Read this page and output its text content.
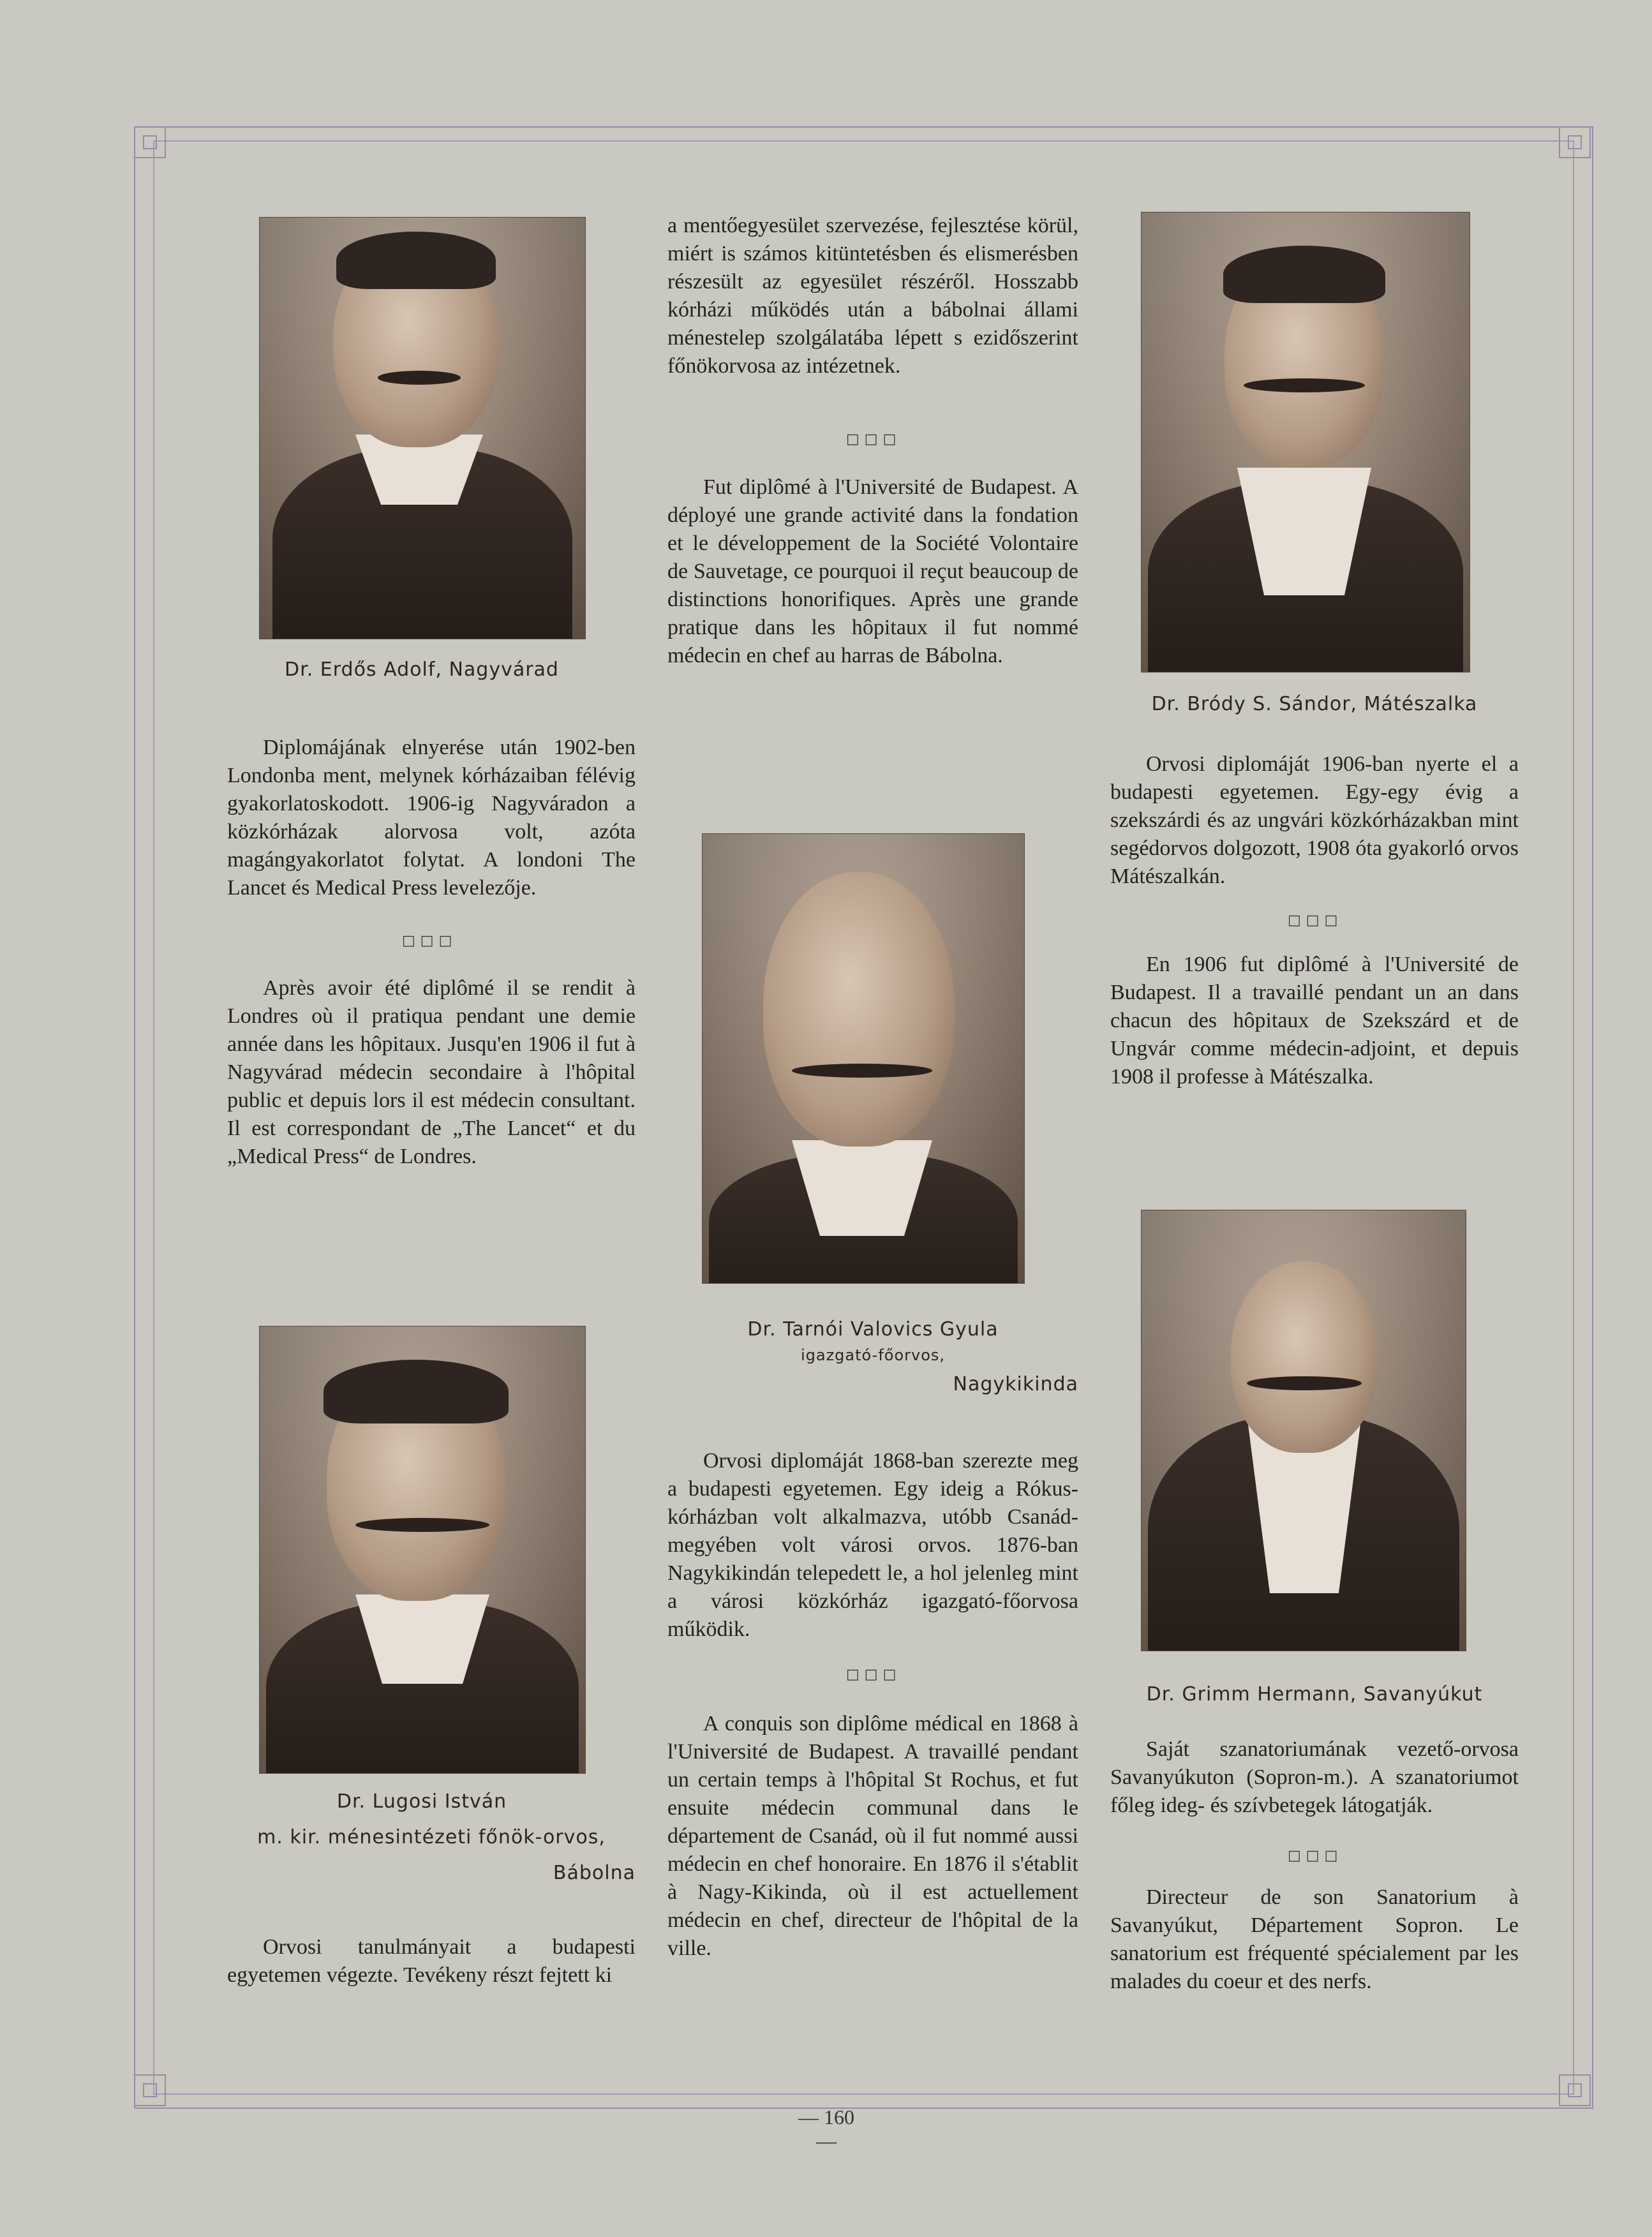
Dr. Erdős Adolf, Nagyvárad
Diplomájának elnyerése után 1902-ben Londonba ment, melynek kórházaiban félévig gyakorlatoskodott. 1906-ig Nagyváradon a közkórházak alorvosa volt, azóta magángyakorlatot folytat. A londoni The Lancet és Medical Press levelezője.
□□□
Après avoir été diplômé il se rendit à Londres où il pratiqua pendant une demie année dans les hôpitaux. Jusqu'en 1906 il fut à Nagyvárad médecin secondaire à l'hôpital public et depuis lors il est médecin consultant. Il est correspondant de „The Lancet“ et du „Medical Press“ de Londres.
Dr. Lugosi István
m. kir. ménesintézeti főnök-orvos,
Bábolna
Orvosi tanulmányait a budapesti egyetemen végezte. Tevékeny részt fejtett ki
a mentőegyesület szervezése, fejlesztése körül, miért is számos kitüntetésben és elismerésben részesült az egyesület részéről. Hosszabb kórházi működés után a bábolnai állami ménestelep szolgálatába lépett s ezidőszerint főnökorvosa az intézetnek.
□□□
Fut diplômé à l'Université de Budapest. A déployé une grande activité dans la fondation et le développement de la Société Volontaire de Sauvetage, ce pourquoi il reçut beaucoup de distinctions honorifiques. Après une grande pratique dans les hôpitaux il fut nommé médecin en chef au harras de Bábolna.
Dr. Tarnói Valovics Gyula
igazgató-főorvos,
Nagykikinda
Orvosi diplomáját 1868-ban szerezte meg a budapesti egyetemen. Egy ideig a Rókus-kórházban volt alkalmazva, utóbb Csanád-megyében volt városi orvos. 1876-ban Nagykikindán telepedett le, a hol jelenleg mint a városi közkórház igazgató-főorvosa működik.
□□□
A conquis son diplôme médical en 1868 à l'Université de Budapest. A travaillé pendant un certain temps à l'hôpital St Rochus, et fut ensuite médecin communal dans le département de Csanád, où il fut nommé aussi médecin en chef honoraire. En 1876 il s'établit à Nagy-Kikinda, où il est actuellement médecin en chef, directeur de l'hôpital de la ville.
Dr. Bródy S. Sándor, Mátészalka
Orvosi diplomáját 1906-ban nyerte el a budapesti egyetemen. Egy-egy évig a szekszárdi és az ungvári közkórházakban mint segédorvos dolgozott, 1908 óta gyakorló orvos Mátészalkán.
□□□
En 1906 fut diplômé à l'Université de Budapest. Il a travaillé pendant un an dans chacun des hôpitaux de Szekszárd et de Ungvár comme médecin-adjoint, et depuis 1908 il professe à Mátészalka.
Dr. Grimm Hermann, Savanyúkut
Saját szanatoriumának vezető-orvosa Savanyúkuton (Sopron-m.). A szanatoriumot főleg ideg- és szívbetegek látogatják.
□□□
Directeur de son Sanatorium à Savanyúkut, Département Sopron. Le sanatorium est fréquenté spécialement par les malades du coeur et des nerfs.
— 160 —
